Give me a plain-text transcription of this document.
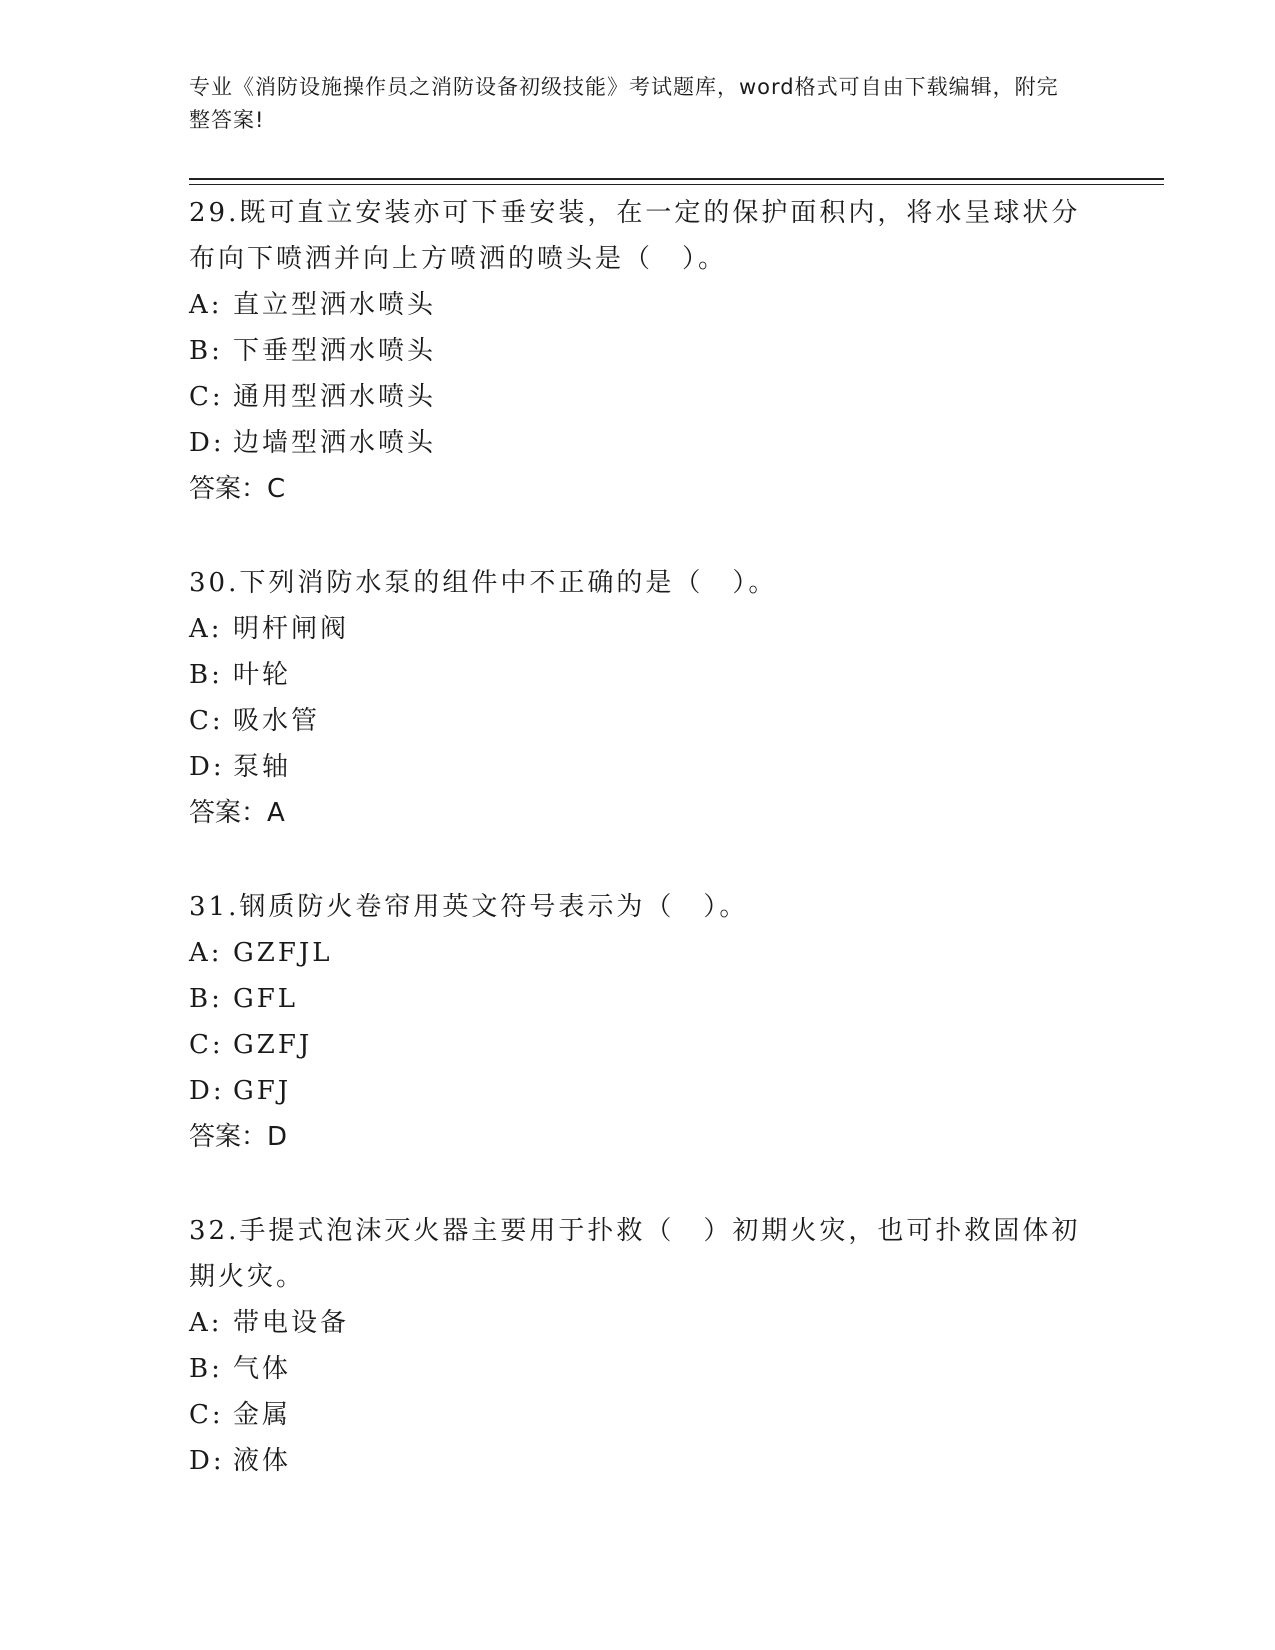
专业《消防设施操作员之消防设备初级技能》考试题库，word格式可自由下载编辑，附完整答案!

29.既可直立安装亦可下垂安装，在一定的保护面积内，将水呈球状分布向下喷洒并向上方喷洒的喷头是（　）。

A: 直立型洒水喷头
B: 下垂型洒水喷头
C: 通用型洒水喷头
D: 边墙型洒水喷头

答案：C

30.下列消防水泵的组件中不正确的是（　）。

A: 明杆闸阀
B: 叶轮
C: 吸水管
D: 泵轴

答案：A

31.钢质防火卷帘用英文符号表示为（　）。

A: GZFJL
B: GFL
C: GZFJ
D: GFJ

答案：D

32.手提式泡沫灭火器主要用于扑救（　）初期火灾，也可扑救固体初期火灾。

A: 带电设备
B: 气体
C: 金属
D: 液体
